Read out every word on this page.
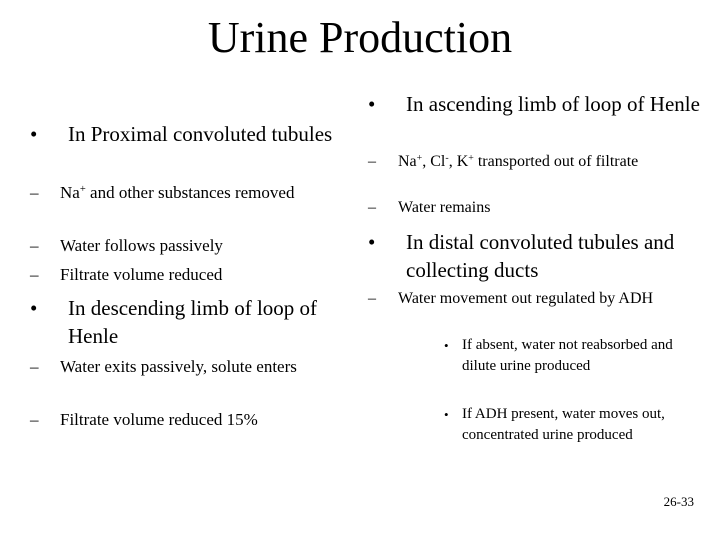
Urine Production
• In Proximal convoluted tubules
– Na+ and other substances removed
– Water follows passively
– Filtrate volume reduced
• In descending limb of loop of Henle
– Water exits passively, solute enters
– Filtrate volume reduced 15%
• In ascending limb of loop of Henle
– Na+, Cl-, K+ transported out of filtrate
– Water remains
• In distal convoluted tubules and collecting ducts
– Water movement out regulated by ADH
• If absent, water not reabsorbed and dilute urine produced
• If ADH present, water moves out, concentrated urine produced
26-33
